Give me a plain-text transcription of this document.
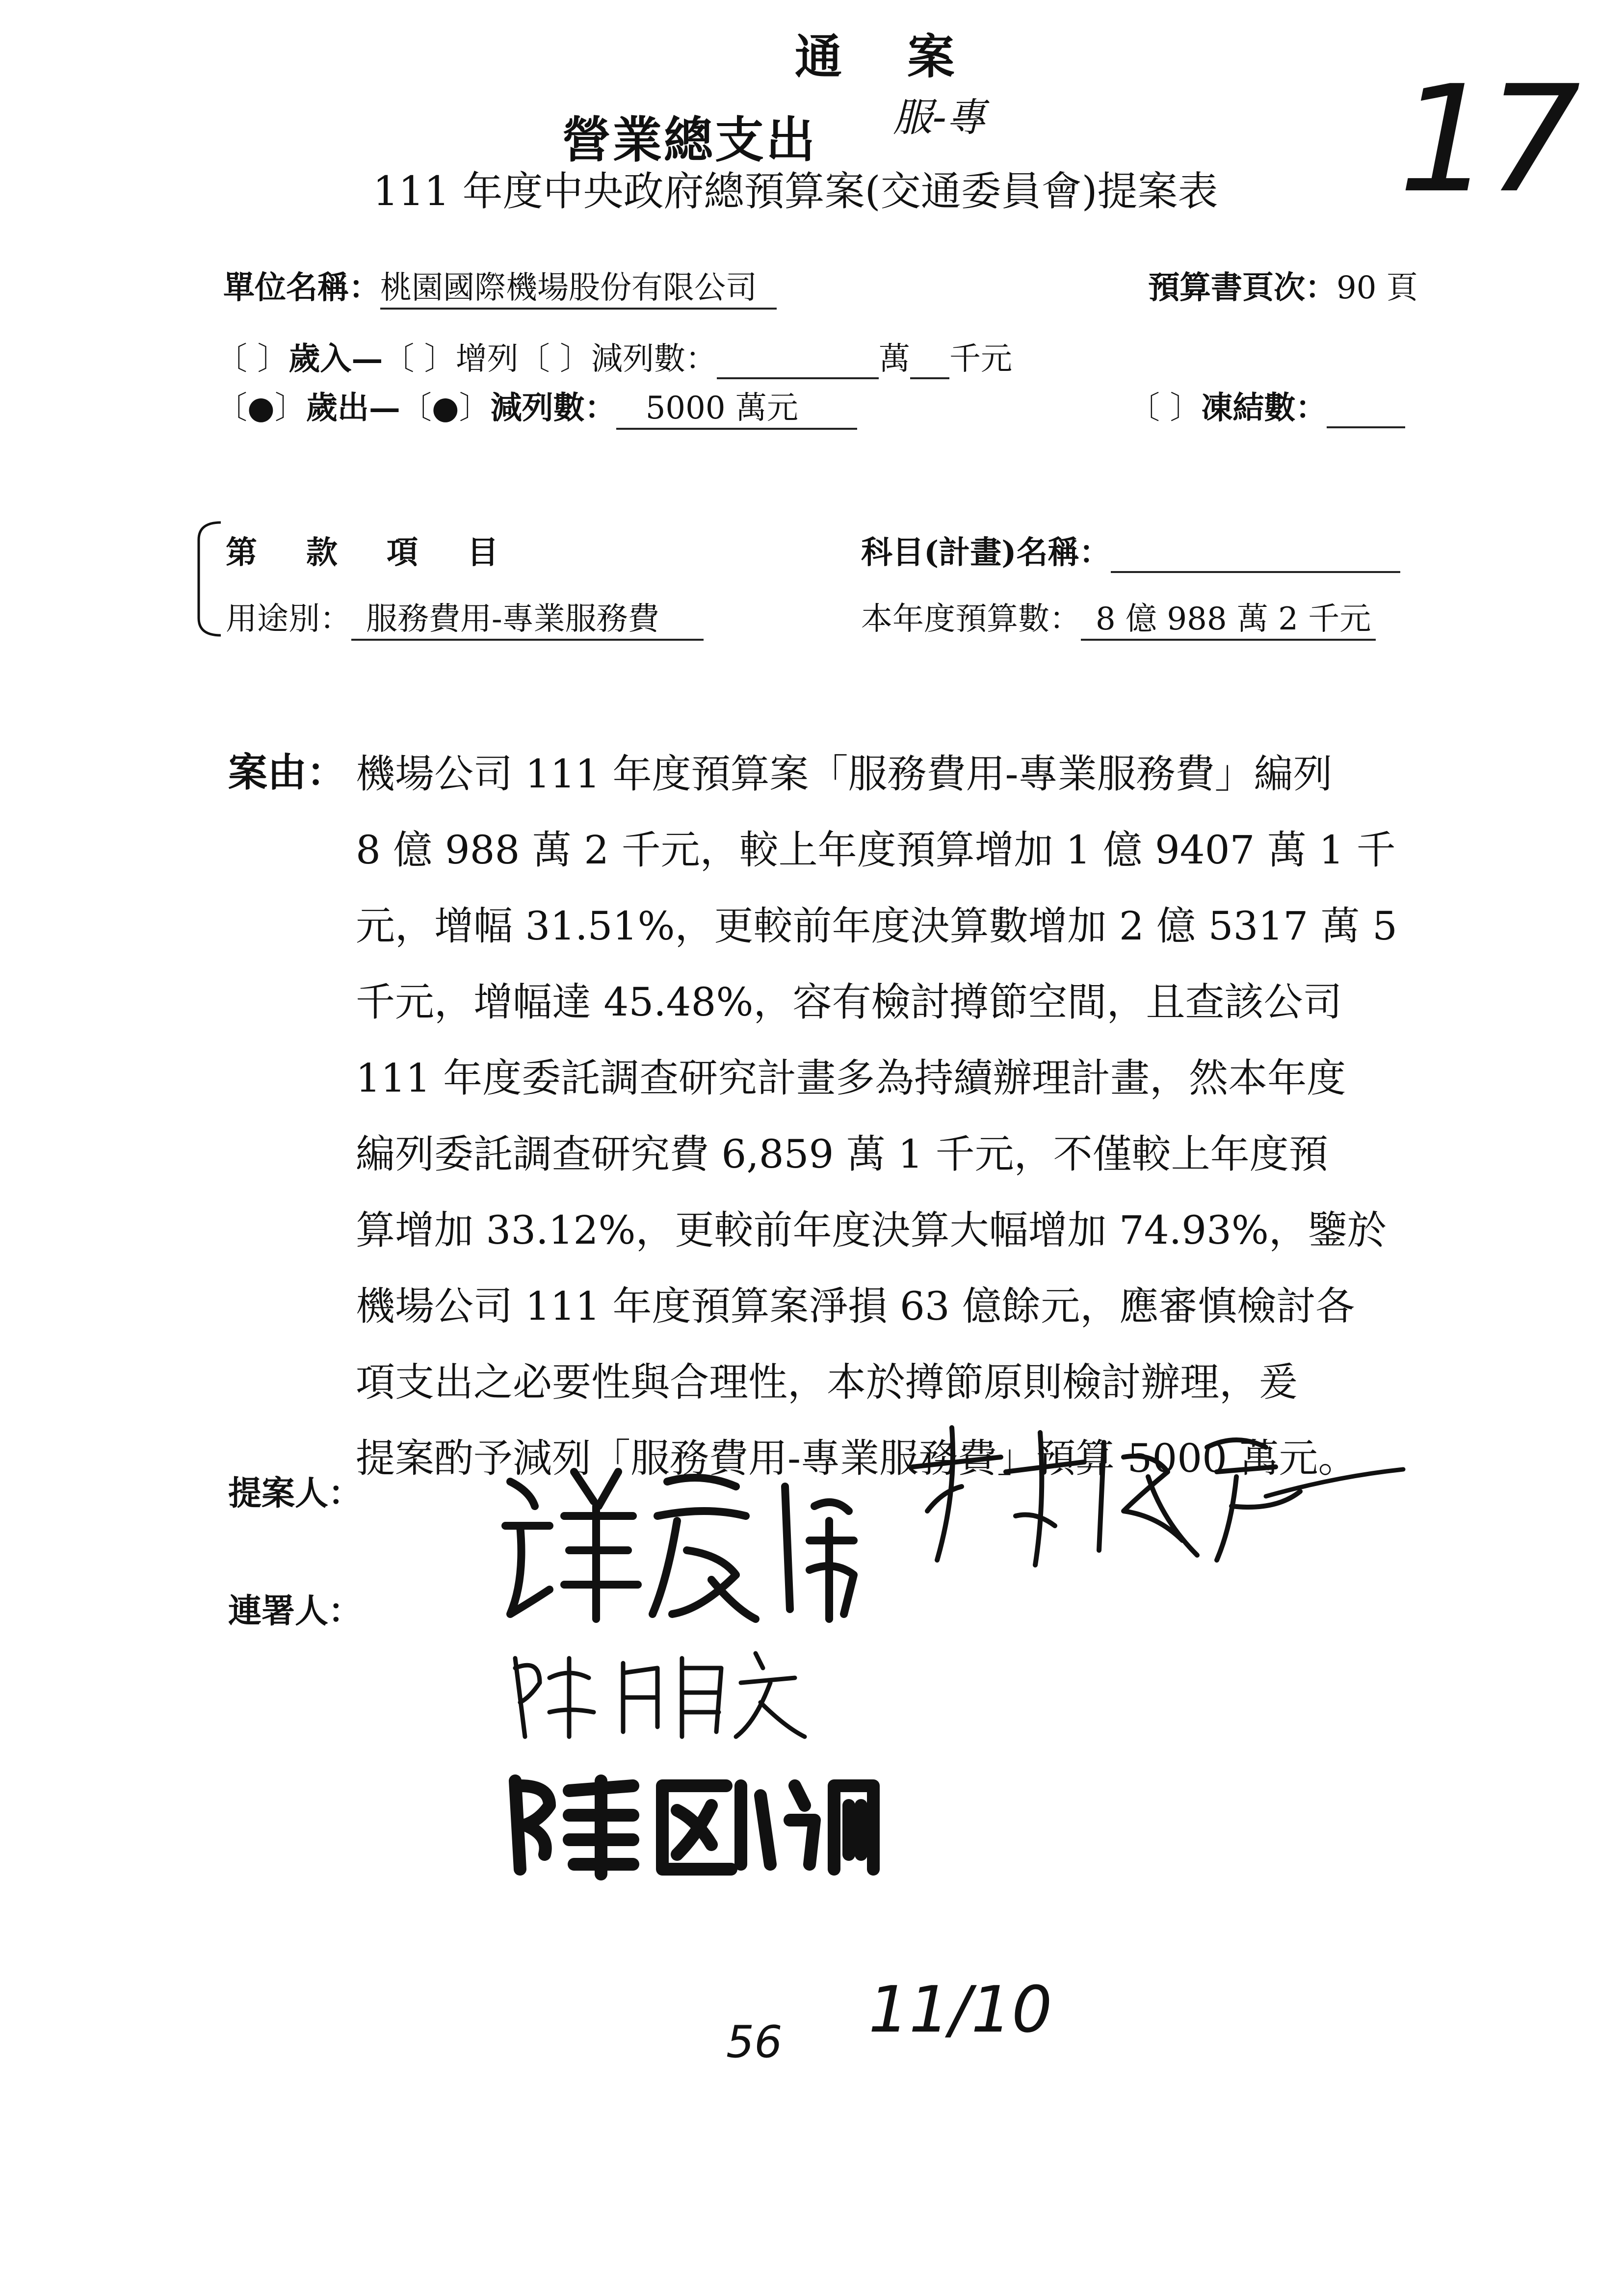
17
通 案
服-專
營業總支出
111 年度中央政府總預算案(交通委員會)提案表
單位名稱：桃園國際機場股份有限公司	預算書頁次：90 頁
〔 〕歲入—〔 〕增列〔 〕減列數：	萬 千元
〔●〕歲出—〔●〕減列數： 5000 萬元	〔 〕凍結數：
第　款　項　目	科目(計畫)名稱：
用途別： 服務費用-專業服務費	本年度預算數： 8 億 988 萬 2 千元
案由： 機場公司 111 年度預算案「服務費用-專業服務費」編列
8 億 988 萬 2 千元，較上年度預算增加 1 億 9407 萬 1 千
元，增幅 31.51%，更較前年度決算數增加 2 億 5317 萬 5
千元，增幅達 45.48%，容有檢討撙節空間，且查該公司
111 年度委託調查研究計畫多為持續辦理計畫，然本年度
編列委託調查研究費 6,859 萬 1 千元，不僅較上年度預
算增加 33.12%，更較前年度決算大幅增加 74.93%，鑒於
機場公司 111 年度預算案淨損 63 億餘元，應審慎檢討各
項支出之必要性與合理性，本於撙節原則檢討辦理，爰
提案酌予減列「服務費用-專業服務費」預算 5000 萬元。
提案人：
連署人：
56 11/10
